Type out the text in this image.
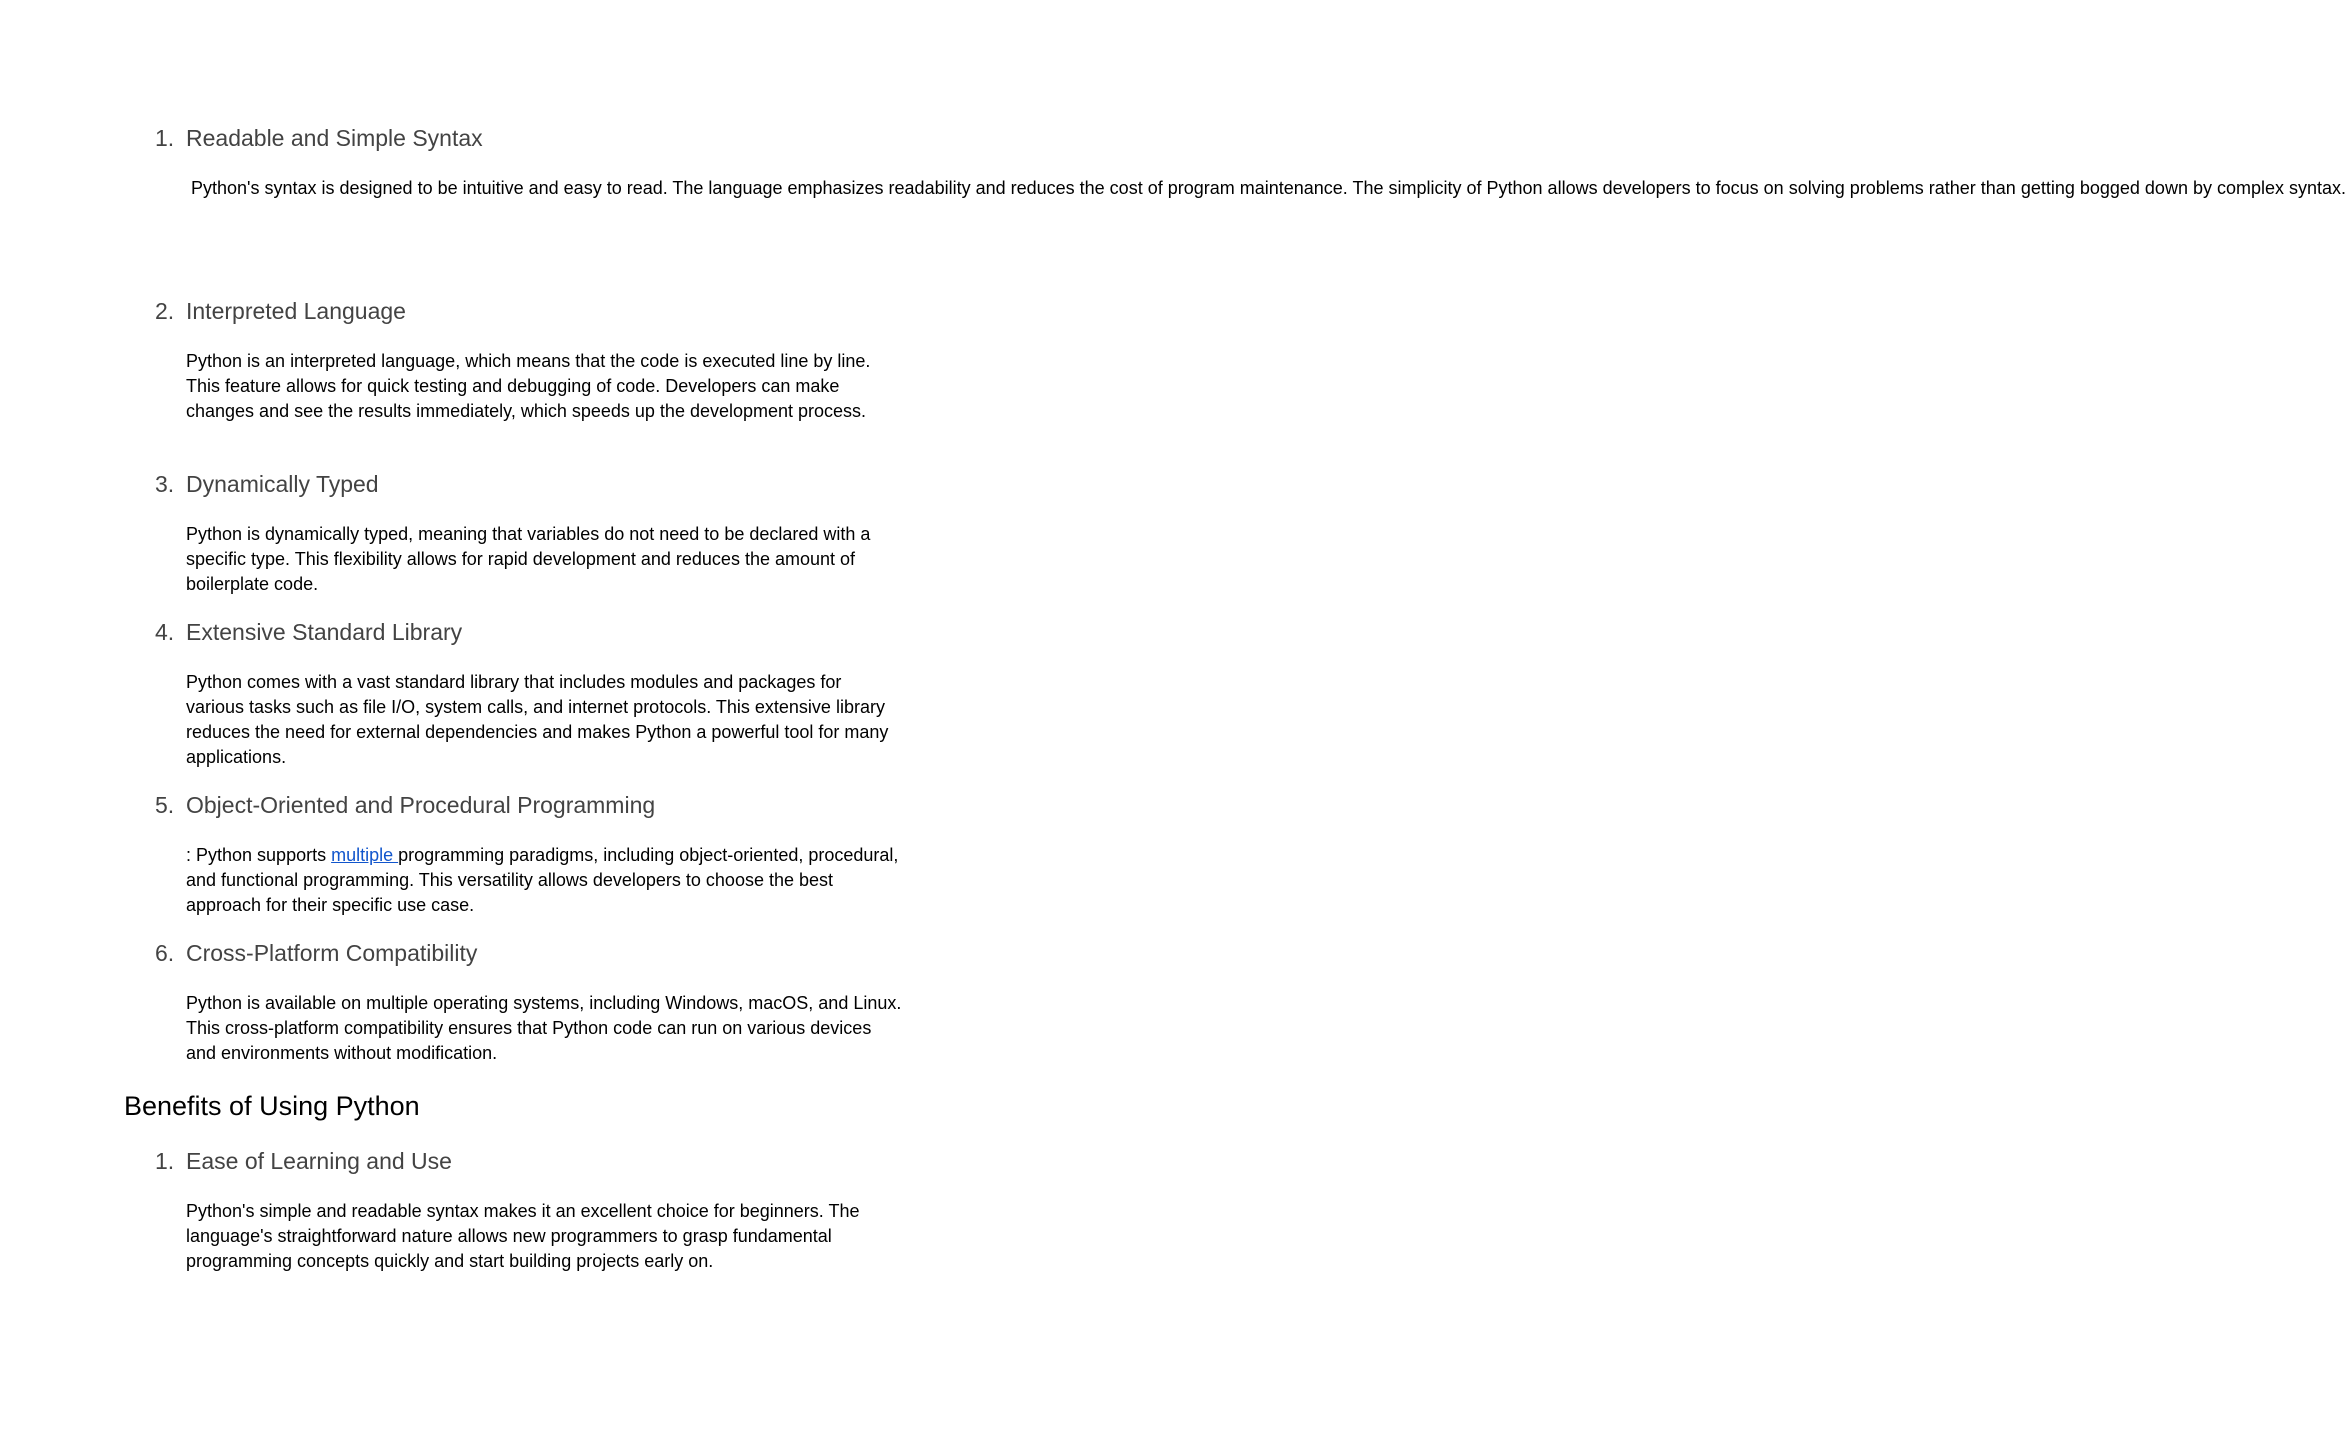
1. Readable and Simple Syntax
Python's syntax is designed to be intuitive and easy to read. The language emphasizes readability and reduces the cost of program maintenance. The simplicity of Python allows developers to focus on solving problems rather than getting bogged down by complex syntax.
2. Interpreted Language
Python is an interpreted language, which means that the code is executed line by line. This feature allows for quick testing and debugging of code. Developers can make changes and see the results immediately, which speeds up the development process.
3. Dynamically Typed
Python is dynamically typed, meaning that variables do not need to be declared with a specific type. This flexibility allows for rapid development and reduces the amount of boilerplate code.
4. Extensive Standard Library
Python comes with a vast standard library that includes modules and packages for various tasks such as file I/O, system calls, and internet protocols. This extensive library reduces the need for external dependencies and makes Python a powerful tool for many applications.
5. Object-Oriented and Procedural Programming
: Python supports multiple programming paradigms, including object-oriented, procedural, and functional programming. This versatility allows developers to choose the best approach for their specific use case.
6. Cross-Platform Compatibility
Python is available on multiple operating systems, including Windows, macOS, and Linux. This cross-platform compatibility ensures that Python code can run on various devices and environments without modification.
Benefits of Using Python
1. Ease of Learning and Use
Python's simple and readable syntax makes it an excellent choice for beginners. The language's straightforward nature allows new programmers to grasp fundamental programming concepts quickly and start building projects early on.
